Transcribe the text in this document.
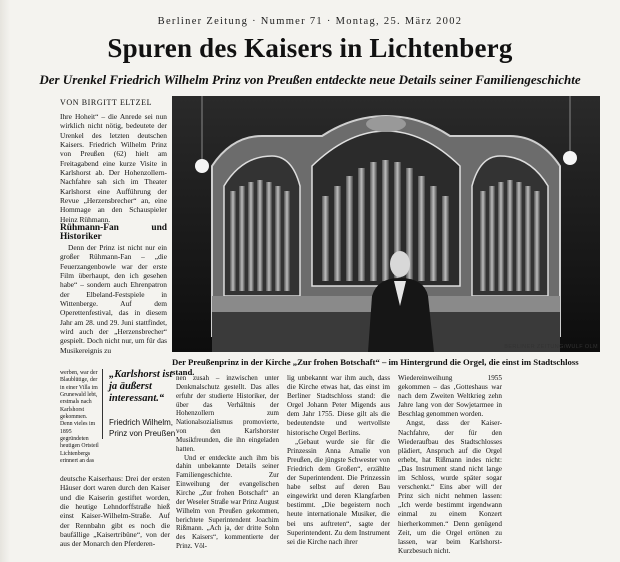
Berliner Zeitung · Nummer 71 · Montag, 25. März 2002
Spuren des Kaisers in Lichtenberg
Der Urenkel Friedrich Wilhelm Prinz von Preußen entdeckte neue Details seiner Familiengeschichte
VON BIRGITT ELTZEL

Ihre Hoheit“ – die Anrede sei nun wirklich nicht nötig, bedeutete der Urenkel des letzten deutschen Kaisers. Friedrich Wilhelm Prinz von Preußen (62) hielt am Freitagabend eine kurze Visite in Karlshorst ab. Der Hohenzollern-Nachfahre sah sich im Theater Karlshorst eine Aufführung der Revue „Herzensbrecher“ an, eine Hommage an den Schauspieler Heinz Rühmann.

Rühmann-Fan und Historiker

Denn der Prinz ist nicht nur ein großer Rühmann-Fan – „die Feuerzangenbowle war der erste Film überhaupt, den ich gesehen habe“ – sondern auch Ehrenpatron der Elbeland-Festspiele in Wittenberge. Auf dem Operettenfestival, das in diesem Jahr am 28. und 29. Juni stattfindet, wird auch der „Herzensbrecher“ gespielt. Doch nicht nur, um für das Musikereignis zu

werben, war der Blaublütige, der in einer Villa im Grunewald lebt, erstmals nach Karlshorst gekommen. Denn vieles im 1895 gegründeten heutigen Ortsteil Lichtenbergs erinnert an das

deutsche Kaiserhaus: Drei der ersten Häuser dort waren durch den Kaiser und die Kaiserin gestiftet worden, die heutige Lehndorffstraße hieß einst Kaiser-Wilhelm-Straße. Auf der Rennbahn gibt es noch die baufällige „Kaisertribüne“, von der aus der Monarch den Pferderen-

„Karlshorst ist ja äußerst interessant.“
Friedrich Wilhelm, Prinz von Preußen
BERLINER ZEITUNG/WULF OLM
Der Preußenprinz in der Kirche „Zur frohen Botschaft“ – im Hintergrund die Orgel, die einst im Stadtschloss stand.

nen zusah – inzwischen unter Denkmalschutz gestellt. Das alles erfuhr der studierte Historiker, der über das Verhältnis der Hohenzollern zum Nationalsozialismus promovierte, von den Karlshorster Musikfreunden, die ihn eingeladen hatten.

Und er entdeckte auch ihm bis dahin unbekannte Details seiner Familiengeschichte. Zur Einweihung der evangelischen Kirche „Zur frohen Botschaft“ an der Weseler Straße war Prinz August Wilhelm von Preußen gekommen, berichtete Superintendent Joachim Rißmann. „Ach ja, der dritte Sohn des Kaisers“, kommentierte der Prinz. Völ-

lig unbekannt war ihm auch, dass die Kirche etwas hat, das einst im Berliner Stadtschloss stand: die Orgel Johann Peter Migends aus dem Jahr 1755. Diese gilt als die bedeutendste und wertvollste historische Orgel Berlins.

„Gebaut wurde sie für die Prinzessin Anna Amalie von Preußen, die jüngste Schwester von Friedrich dem Großen“, erzählte der Superintendent. Die Prinzessin habe selbst auf deren Bau eingewirkt und deren Klangfarben bestimmt. „Die begeistern noch heute internationale Musiker, die bei uns auftreten“, sagte der Superintendent. Zu dem Instrument sei die Kirche nach ihrer

Wiedereinweihung 1955 gekommen – das ‚Gotteshaus war nach dem Zweiten Weltkrieg zehn Jahre lang von der Sowjetarmee in Beschlag genommen worden.

Angst, dass der Kaiser-Nachfahre, der für den Wiederaufbau des Stadtschlosses plädiert, Anspruch auf die Orgel erhebt, hat Rißmann indes nicht: „Das Instrument stand nicht lange im Schloss, wurde später sogar verschenkt.“ Eins aber will der Prinz sich nicht nehmen lassen: „Ich werde bestimmt irgendwann einmal zu einem Konzert hierherkommen.“ Denn genügend Zeit, um die Orgel ertönen zu lassen, war beim Karlshorst-Kurzbesuch nicht.
